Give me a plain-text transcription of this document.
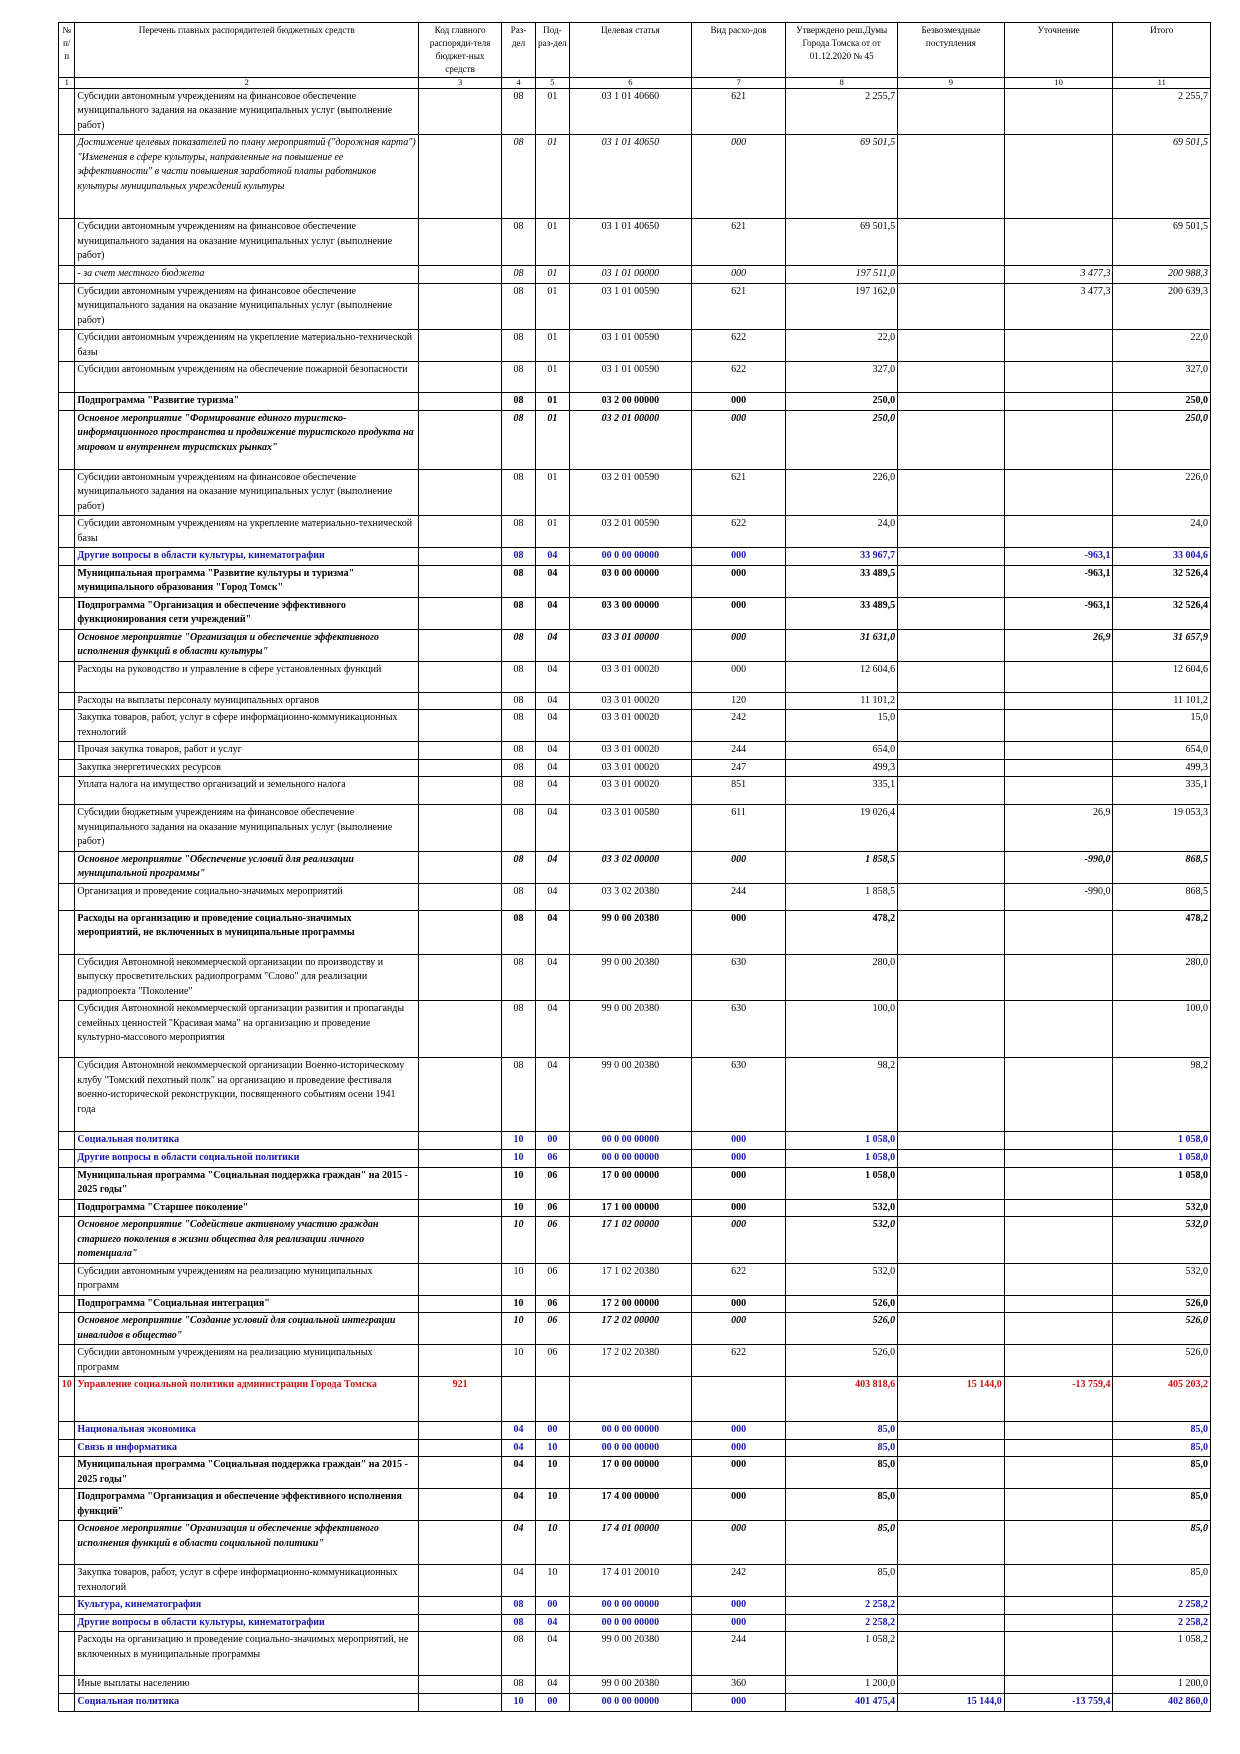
№ п/п	Перечень главных распорядителей бюджетных средств	Код главного распоряди-теля бюджет-ных средств	Раз-дел	Под-раз-дел	Целевая статья	Вид расхо-дов	Утверждено реш.Думы Города Томска от от 01.12.2020 № 45	Безвозмездные поступления	Уточнение	Итого
1	2	3	4	5	6	7	8	9	10	11
	Субсидии автономным учреждениям на финансовое обеспечение муниципального задания на оказание муниципальных услуг (выполнение работ)		08	01	03 1 01 40660	621	2 255,7			2 255,7
	Достижение целевых показателей по плану мероприятий ("дорожная карта") "Изменения в сфере культуры, направленные на повышение ее эффективности" в части повышения заработной платы работников культуры муниципальных учреждений культуры		08	01	03 1 01 40650	000	69 501,5			69 501,5
	Субсидии автономным учреждениям на финансовое обеспечение муниципального задания на оказание муниципальных услуг (выполнение работ)		08	01	03 1 01 40650	621	69 501,5			69 501,5
	- за счет местного бюджета		08	01	03 1 01 00000	000	197 511,0		3 477,3	200 988,3
	Субсидии автономным учреждениям на финансовое обеспечение муниципального задания на оказание муниципальных услуг (выполнение работ)		08	01	03 1 01 00590	621	197 162,0		3 477,3	200 639,3
	Субсидии автономным учреждениям на укрепление материально-технической базы		08	01	03 1 01 00590	622	22,0			22,0
	Субсидии автономным учреждениям на обеспечение пожарной безопасности		08	01	03 1 01 00590	622	327,0			327,0
	Подпрограмма "Развитие туризма"		08	01	03 2 00 00000	000	250,0			250,0
	Основное мероприятие "Формирование единого туристско-информационного пространства и продвижение туристского продукта на мировом и внутреннем туристских рынках"		08	01	03 2 01 00000	000	250,0			250,0
	Субсидии автономным учреждениям на финансовое обеспечение муниципального задания на оказание муниципальных услуг (выполнение работ)		08	01	03 2 01 00590	621	226,0			226,0
	Субсидии автономным учреждениям на укрепление материально-технической базы		08	01	03 2 01 00590	622	24,0			24,0
	Другие вопросы в области культуры, кинематографии		08	04	00 0 00 00000	000	33 967,7		-963,1	33 004,6
	Муниципальная программа "Развитие культуры и туризма" муниципального образования "Город Томск"		08	04	03 0 00 00000	000	33 489,5		-963,1	32 526,4
	Подпрограмма "Организация и обеспечение эффективного функционирования сети учреждений"		08	04	03 3 00 00000	000	33 489,5		-963,1	32 526,4
	Основное мероприятие "Организация и обеспечение эффективного исполнения функций в области культуры"		08	04	03 3 01 00000	000	31 631,0		26,9	31 657,9
	Расходы на руководство и управление в сфере установленных функций		08	04	03 3 01 00020	000	12 604,6			12 604,6
	Расходы на выплаты персоналу муниципальных органов		08	04	03 3 01 00020	120	11 101,2			11 101,2
	Закупка товаров, работ, услуг в сфере информационно-коммуникационных технологий		08	04	03 3 01 00020	242	15,0			15,0
	Прочая закупка товаров, работ и услуг		08	04	03 3 01 00020	244	654,0			654,0
	Закупка энергетических ресурсов		08	04	03 3 01 00020	247	499,3			499,3
	Уплата налога на имущество организаций и земельного налога		08	04	03 3 01 00020	851	335,1			335,1
	Субсидии бюджетным учреждениям на финансовое обеспечение муниципального задания на оказание муниципальных услуг (выполнение работ)		08	04	03 3 01 00580	611	19 026,4		26,9	19 053,3
	Основное мероприятие "Обеспечение условий для реализации муниципальной программы"		08	04	03 3 02 00000	000	1 858,5		-990,0	868,5
	Организация и проведение социально-значимых мероприятий		08	04	03 3 02 20380	244	1 858,5		-990,0	868,5
	Расходы на организацию и проведение социально-значимых мероприятий, не включенных в муниципальные программы		08	04	99 0 00 20380	000	478,2			478,2
	Субсидия Автономной некоммерческой организации по производству и выпуску просветительских радиопрограмм "Слово" для реализации радиопроекта "Поколение"		08	04	99 0 00 20380	630	280,0			280,0
	Субсидия Автономной некоммерческой организации развития и пропаганды семейных ценностей "Красивая мама" на организацию и проведение культурно-массового мероприятия		08	04	99 0 00 20380	630	100,0			100,0
	Субсидия Автономной некоммерческой организации Военно-историческому клубу "Томский пехотный полк" на организацию и проведение фестиваля военно-исторической реконструкции, посвященного событиям осени 1941 года		08	04	99 0 00 20380	630	98,2			98,2
	Социальная политика		10	00	00 0 00 00000	000	1 058,0			1 058,0
	Другие вопросы в области социальной политики		10	06	00 0 00 00000	000	1 058,0			1 058,0
	Муниципальная программа "Социальная поддержка граждан" на 2015 - 2025 годы"		10	06	17 0 00 00000	000	1 058,0			1 058,0
	Подпрограмма "Старшее поколение"		10	06	17 1 00 00000	000	532,0			532,0
	Основное мероприятие "Содействие активному участию граждан старшего поколения в жизни общества для реализации личного потенциала"		10	06	17 1 02 00000	000	532,0			532,0
	Субсидии автономным учреждениям на реализацию муниципальных программ		10	06	17 1 02 20380	622	532,0			532,0
	Подпрограмма "Социальная интеграция"		10	06	17 2 00 00000	000	526,0			526,0
	Основное мероприятие "Создание условий для социальной интеграции инвалидов в общество"		10	06	17 2 02 00000	000	526,0			526,0
	Субсидии автономным учреждениям на реализацию муниципальных программ		10	06	17 2 02 20380	622	526,0			526,0
10	Управление социальной политики администрации Города Томска	921					403 818,6	15 144,0	-13 759,4	405 203,2
	Национальная экономика		04	00	00 0 00 00000	000	85,0			85,0
	Связь и информатика		04	10	00 0 00 00000	000	85,0			85,0
	Муниципальная программа "Социальная поддержка граждан" на 2015 - 2025 годы"		04	10	17 0 00 00000	000	85,0			85,0
	Подпрограмма "Организация и обеспечение эффективного исполнения функций"		04	10	17 4 00 00000	000	85,0			85,0
	Основное мероприятие "Организация и обеспечение эффективного исполнения функций в области социальной политики"		04	10	17 4 01 00000	000	85,0			85,0
	Закупка товаров, работ, услуг в сфере информационно-коммуникационных технологий		04	10	17 4 01 20010	242	85,0			85,0
	Культура, кинематография		08	00	00 0 00 00000	000	2 258,2			2 258,2
	Другие вопросы в области культуры, кинематографии		08	04	00 0 00 00000	000	2 258,2			2 258,2
	Расходы на организацию и проведение социально-значимых мероприятий, не включенных в муниципальные программы		08	04	99 0 00 20380	244	1 058,2			1 058,2
	Иные выплаты населению		08	04	99 0 00 20380	360	1 200,0			1 200,0
	Социальная политика		10	00	00 0 00 00000	000	401 475,4	15 144,0	-13 759,4	402 860,0
